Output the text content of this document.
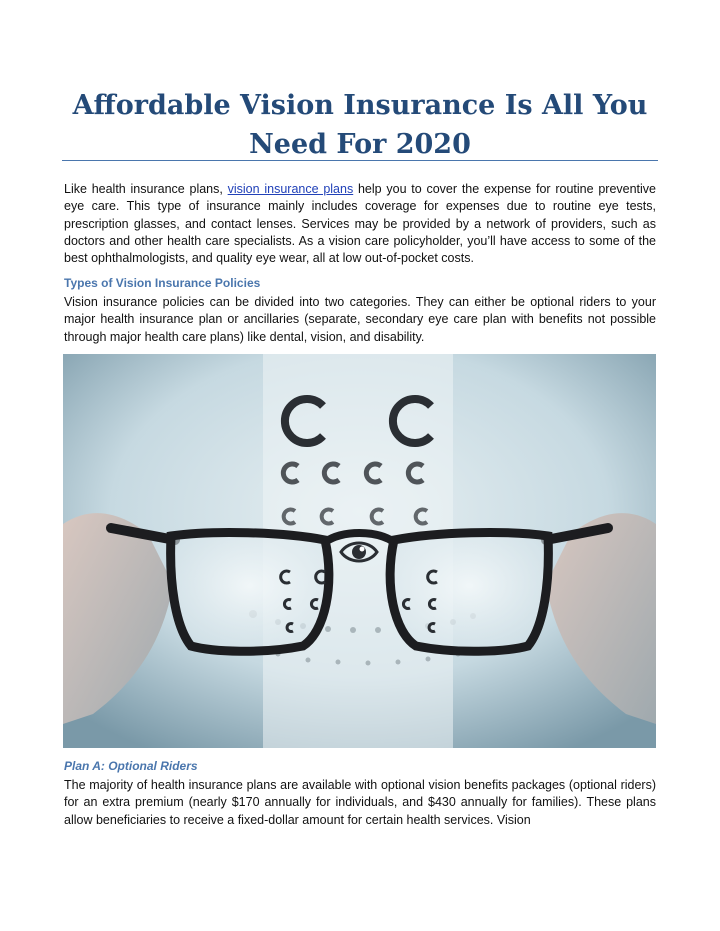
Affordable Vision Insurance Is All You Need For 2020

Like health insurance plans, vision insurance plans help you to cover the expense for routine preventive eye care. This type of insurance mainly includes coverage for expenses due to routine eye tests, prescription glasses, and contact lenses. Services may be provided by a network of providers, such as doctors and other health care specialists. As a vision care policyholder, you’ll have access to some of the best ophthalmologists, and quality eye wear, all at low out-of-pocket costs.

Types of Vision Insurance Policies

Vision insurance policies can be divided into two categories. They can either be optional riders to your major health insurance plan or ancillaries (separate, secondary eye care plan with benefits not possible through major health care plans) like dental, vision, and disability.

Plan A: Optional Riders

The majority of health insurance plans are available with optional vision benefits packages (optional riders) for an extra premium (nearly $170 annually for individuals, and $430 annually for families). These plans allow beneficiaries to receive a fixed-dollar amount for certain health services. Vision
